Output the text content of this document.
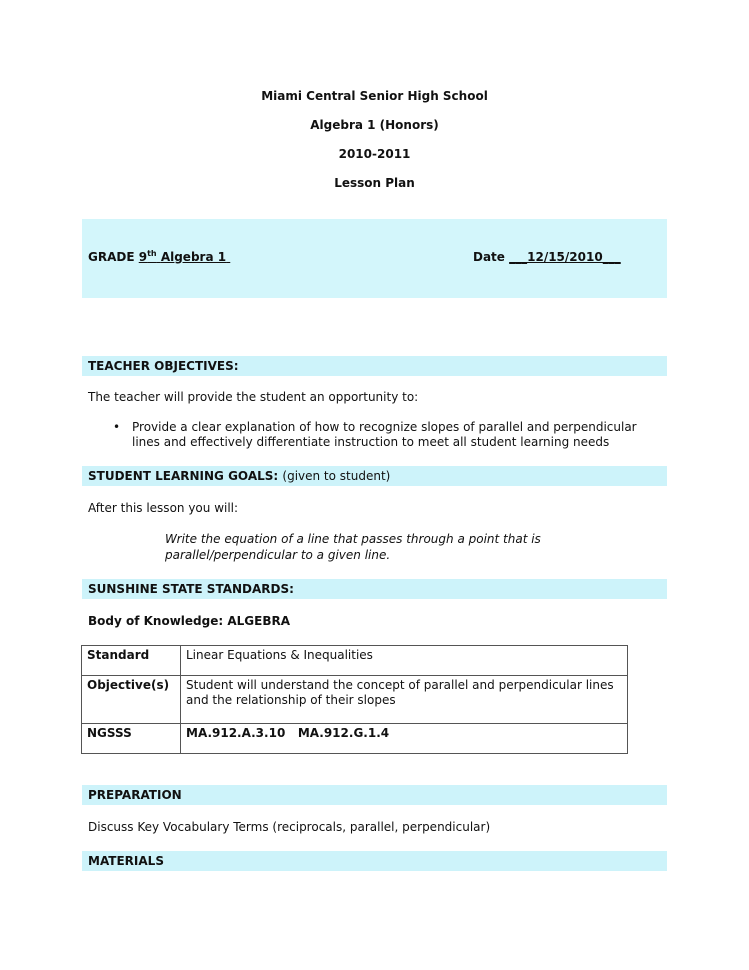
Miami Central Senior High School
Algebra 1 (Honors)
2010-2011
Lesson Plan
GRADE 9th Algebra 1	Date ___12/15/2010___
TEACHER OBJECTIVES:
The teacher will provide the student an opportunity to:
• Provide a clear explanation of how to recognize slopes of parallel and perpendicular lines and effectively differentiate instruction to meet all student learning needs
STUDENT LEARNING GOALS: (given to student)
After this lesson you will:
Write the equation of a line that passes through a point that is parallel/perpendicular to a given line.
SUNSHINE STATE STANDARDS:
Body of Knowledge: ALGEBRA
Standard	Linear Equations & Inequalities
Objective(s)	Student will understand the concept of parallel and perpendicular lines and the relationship of their slopes
NGSSS	MA.912.A.3.10   MA.912.G.1.4
PREPARATION
Discuss Key Vocabulary Terms (reciprocals, parallel, perpendicular)
MATERIALS
